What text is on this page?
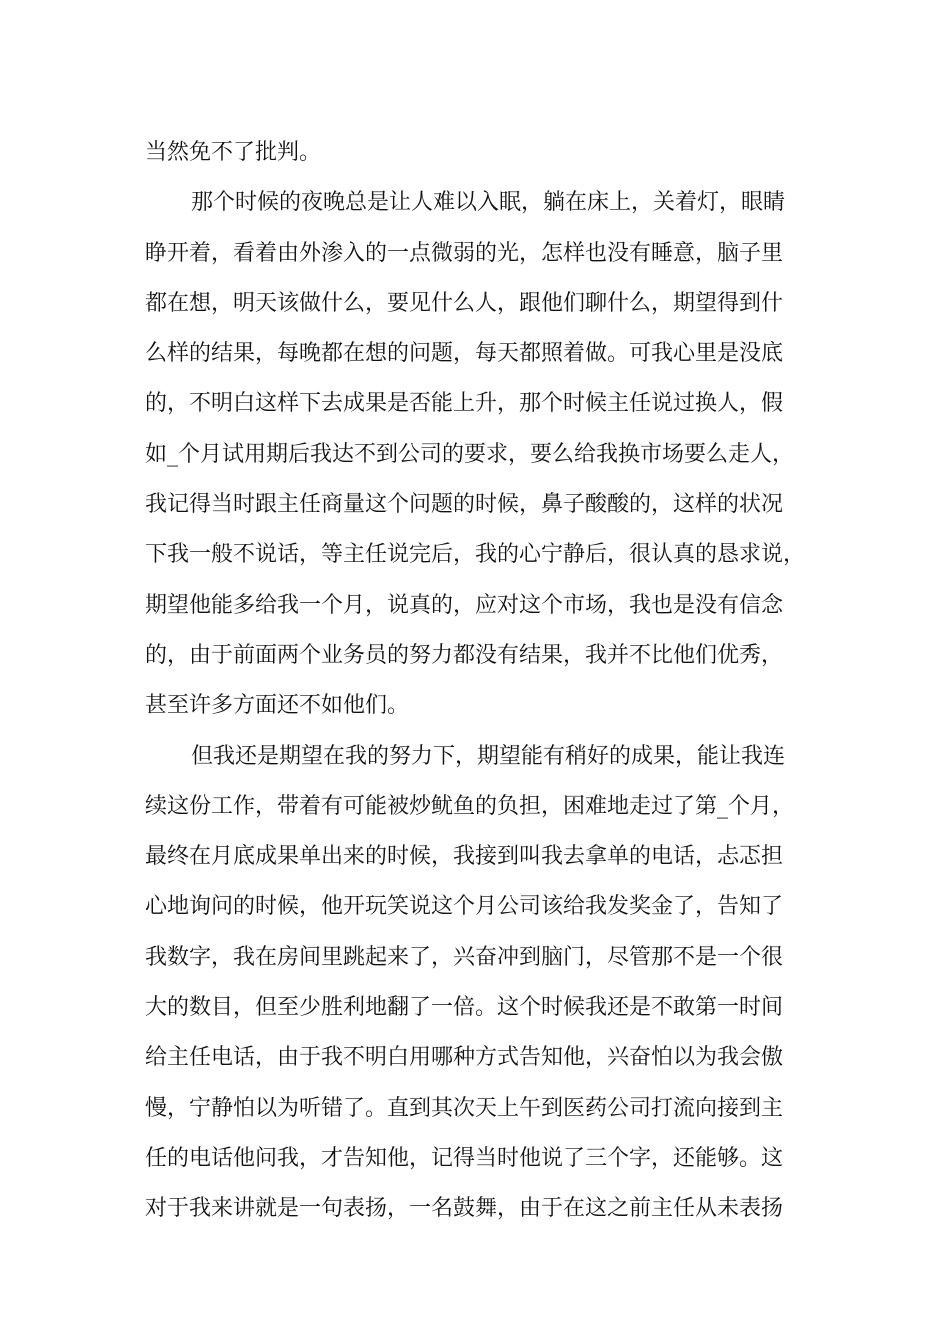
当然免不了批判。
那个时候的夜晚总是让人难以入眠，躺在床上，关着灯，眼睛
睁开着，看着由外渗入的一点微弱的光，怎样也没有睡意，脑子里
都在想，明天该做什么，要见什么人，跟他们聊什么，期望得到什
么样的结果，每晚都在想的问题，每天都照着做。可我心里是没底
的，不明白这样下去成果是否能上升，那个时候主任说过换人，假
如_个月试用期后我达不到公司的要求，要么给我换市场要么走人，
我记得当时跟主任商量这个问题的时候，鼻子酸酸的，这样的状况
下我一般不说话，等主任说完后，我的心宁静后，很认真的恳求说，
期望他能多给我一个月，说真的，应对这个市场，我也是没有信念
的，由于前面两个业务员的努力都没有结果，我并不比他们优秀，
甚至许多方面还不如他们。
但我还是期望在我的努力下，期望能有稍好的成果，能让我连
续这份工作，带着有可能被炒鱿鱼的负担，困难地走过了第_个月，
最终在月底成果单出来的时候，我接到叫我去拿单的电话，忐忑担
心地询问的时候，他开玩笑说这个月公司该给我发奖金了，告知了
我数字，我在房间里跳起来了，兴奋冲到脑门，尽管那不是一个很
大的数目，但至少胜利地翻了一倍。这个时候我还是不敢第一时间
给主任电话，由于我不明白用哪种方式告知他，兴奋怕以为我会傲
慢，宁静怕以为听错了。直到其次天上午到医药公司打流向接到主
任的电话他问我，才告知他，记得当时他说了三个字，还能够。这
对于我来讲就是一句表扬，一名鼓舞，由于在这之前主任从未表扬
